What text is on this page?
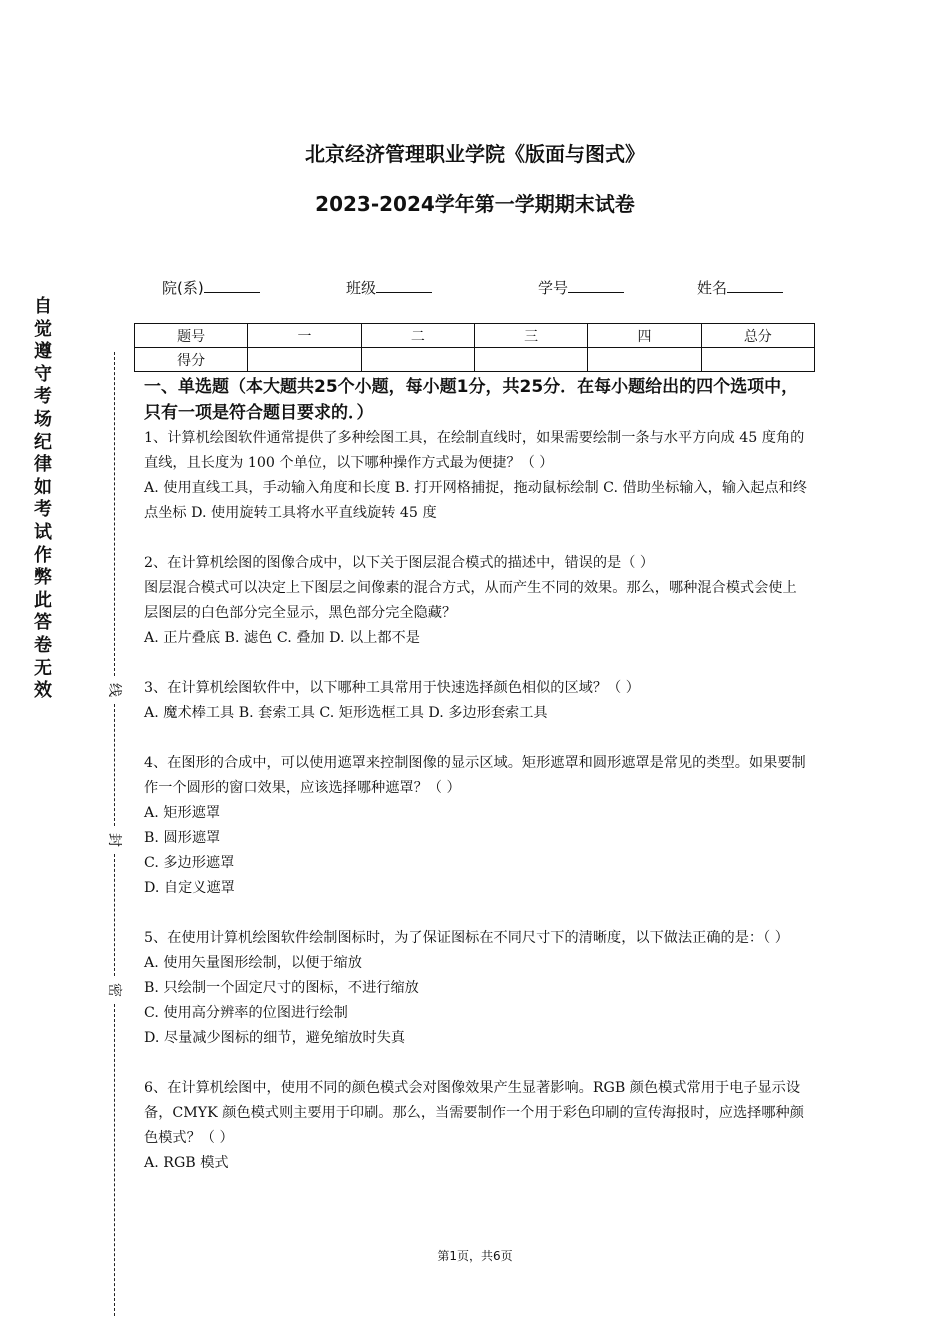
北京经济管理职业学院《版面与图式》
2023-2024学年第一学期期末试卷
院(系)	班级	学号	姓名
题号	一	二	三	四	总分
得分					
自
觉
遵
守
考
场
纪
律
如
考
试
作
弊
此
答
卷
无
效	线
封
密
一、单选题（本大题共25个小题，每小题1分，共25分．在每小题给出的四个选项中，只有一项是符合题目要求的．）

1、计算机绘图软件通常提供了多种绘图工具，在绘制直线时，如果需要绘制一条与水平方向成 45 度角的直线，且长度为 100 个单位，以下哪种操作方式最为便捷？（ ）

A. 使用直线工具，手动输入角度和长度 B. 打开网格捕捉，拖动鼠标绘制 C. 借助坐标输入，输入起点和终点坐标 D. 使用旋转工具将水平直线旋转 45 度

2、在计算机绘图的图像合成中，以下关于图层混合模式的描述中，错误的是（ ）

图层混合模式可以决定上下图层之间像素的混合方式，从而产生不同的效果。那么，哪种混合模式会使上层图层的白色部分完全显示，黑色部分完全隐藏？

A. 正片叠底 B. 滤色 C. 叠加 D. 以上都不是

3、在计算机绘图软件中，以下哪种工具常用于快速选择颜色相似的区域？（ ）

A. 魔术棒工具 B. 套索工具 C. 矩形选框工具 D. 多边形套索工具

4、在图形的合成中，可以使用遮罩来控制图像的显示区域。矩形遮罩和圆形遮罩是常见的类型。如果要制作一个圆形的窗口效果，应该选择哪种遮罩？（ ）

A. 矩形遮罩

B. 圆形遮罩

C. 多边形遮罩

D. 自定义遮罩

5、在使用计算机绘图软件绘制图标时，为了保证图标在不同尺寸下的清晰度，以下做法正确的是：（ ）

A. 使用矢量图形绘制，以便于缩放

B. 只绘制一个固定尺寸的图标，不进行缩放

C. 使用高分辨率的位图进行绘制

D. 尽量减少图标的细节，避免缩放时失真

6、在计算机绘图中，使用不同的颜色模式会对图像效果产生显著影响。RGB 颜色模式常用于电子显示设备，CMYK 颜色模式则主要用于印刷。那么，当需要制作一个用于彩色印刷的宣传海报时，应选择哪种颜色模式？（ ）

A. RGB 模式

第1页，共6页
